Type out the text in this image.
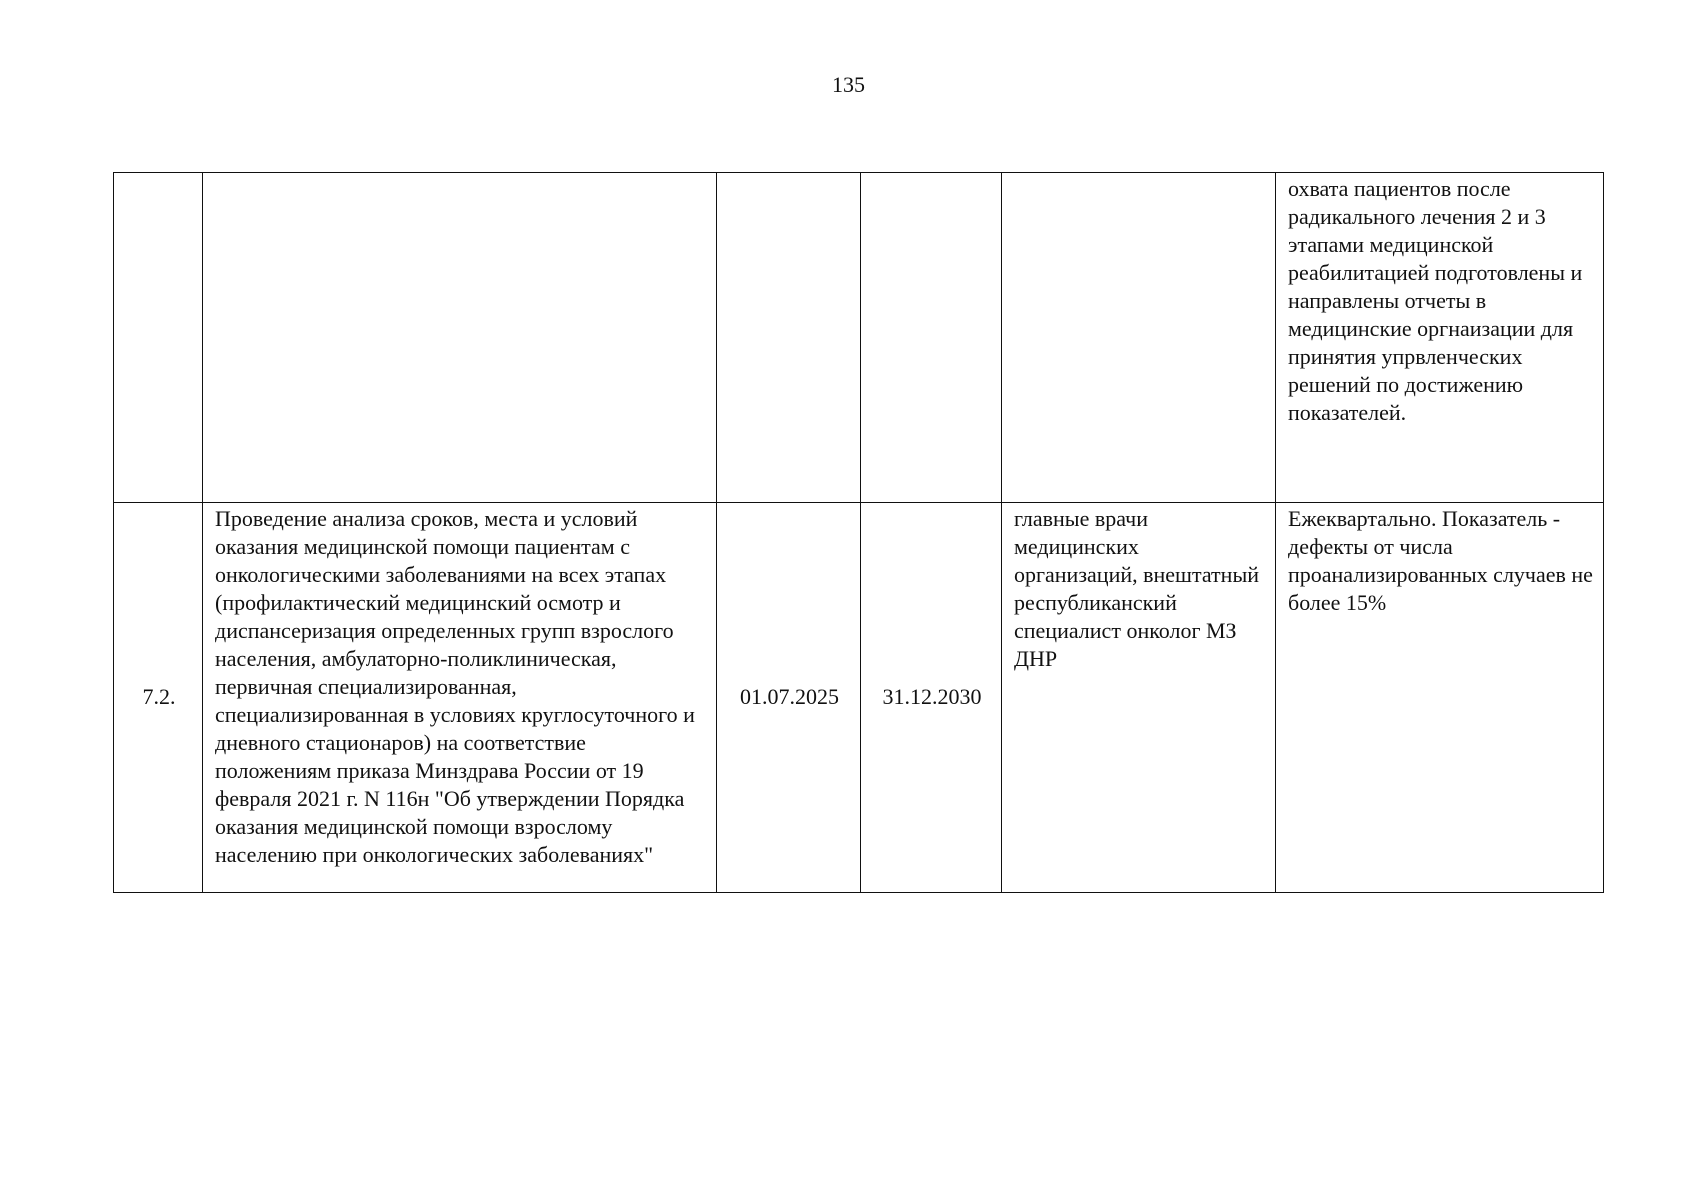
135
					охвата пациентов после радикального лечения 2 и 3 этапами медицинской реабилитацией подготовлены и направлены отчеты в медицинские оргнаизации для принятия упрвленческих решений по достижению показателей.
7.2.	Проведение анализа сроков, места и условий оказания медицинской помощи пациентам с онкологическими заболеваниями на всех этапах (профилактический медицинский осмотр и диспансеризация определенных групп взрослого населения, амбулаторно-поликлиническая, первичная специализированная, специализированная в условиях круглосуточного и дневного стационаров) на соответствие положениям приказа Минздрава России от 19 февраля 2021 г. N 116н "Об утверждении Порядка оказания медицинской помощи взрослому населению при онкологических заболеваниях"	01.07.2025	31.12.2030	главные врачи медицинских организаций, внештатный республиканский специалист онколог МЗ ДНР	Ежеквартально. Показатель - дефекты от числа проанализированных случаев не более 15%
